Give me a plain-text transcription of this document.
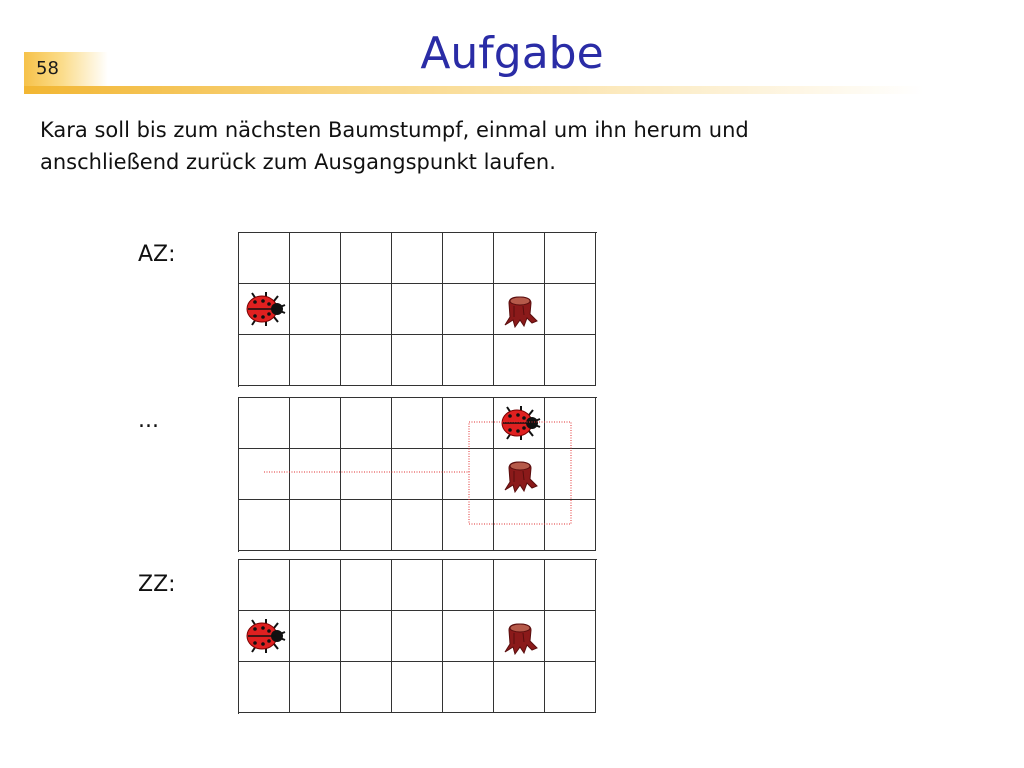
58	Aufgabe
Kara soll bis zum nächsten Baumstumpf, einmal um ihn herum und
anschließend zurück zum Ausgangspunkt laufen.
AZ:
...
ZZ:
